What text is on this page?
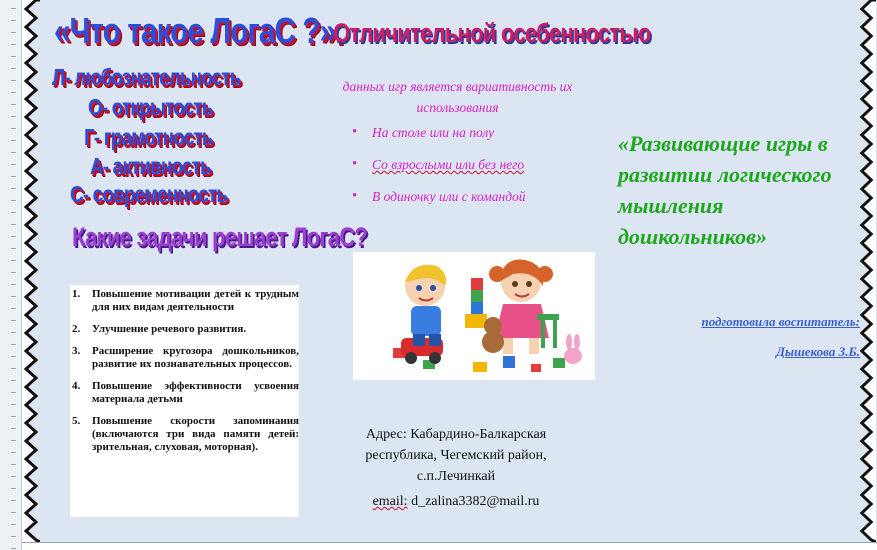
«Что такое ЛогаС ?».
Л- любознательность
О- открытость
Г- грамотность
А- активность
С- современность
Какие задачи решает ЛогаС?
1. Повышение мотивации детей к трудным для них видам деятельности
2. Улучшение речевого развития.
3. Расширение кругозора дошкольников, развитие их познавательных процессов.
4. Повышение эффективности усвоения материала детьми
5. Повышение скорости запоминания (включаются три вида памяти детей: зрительная, слуховая, моторная).
Отличительной осебенностью
данных игр является вариативность их использования
• На столе или на полу
• Со взрослыми или без него
• В одиночку или с командой
Адрес: Кабардино-Балкарская республика, Чегемский район, с.п.Лечинкай
email: d_zalina3382@mail.ru
«Развивающие игры в развитии логического мышления дошкольников»
подготовила воспитатель:
Дышекова З.Б.
